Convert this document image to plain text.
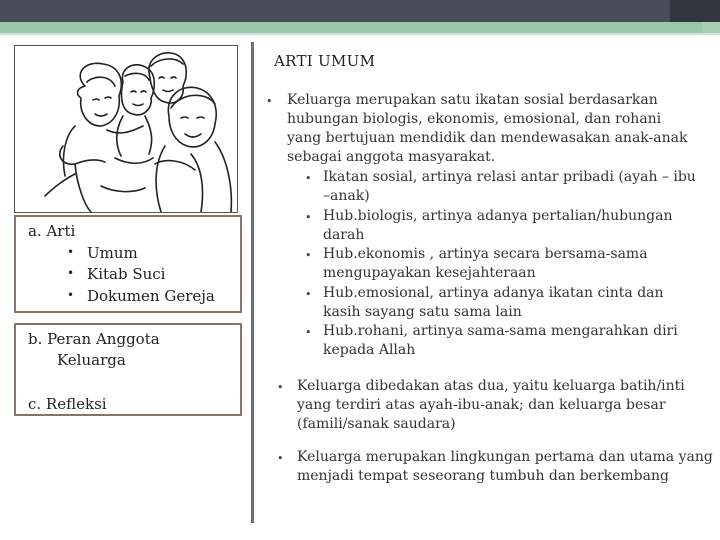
a. Arti
• Umum
• Kitab Suci
• Dokumen Gereja
b. Peran Anggota
Keluarga
c. Refleksi
ARTI UMUM
• Keluarga merupakan satu ikatan sosial berdasarkan
hubungan biologis, ekonomis, emosional, dan rohani
yang bertujuan mendidik dan mendewasakan anak-anak
sebagai anggota masyarakat.
• Ikatan sosial, artinya relasi antar pribadi (ayah – ibu
–anak)
• Hub.biologis, artinya adanya pertalian/hubungan
darah
• Hub.ekonomis , artinya secara bersama-sama
mengupayakan kesejahteraan
• Hub.emosional, artinya adanya ikatan cinta dan
kasih sayang satu sama lain
• Hub.rohani, artinya sama-sama mengarahkan diri
kepada Allah
• Keluarga dibedakan atas dua, yaitu keluarga batih/inti
yang terdiri atas ayah-ibu-anak; dan keluarga besar
(famili/sanak saudara)
• Keluarga merupakan lingkungan pertama dan utama yang
menjadi tempat seseorang tumbuh dan berkembang
